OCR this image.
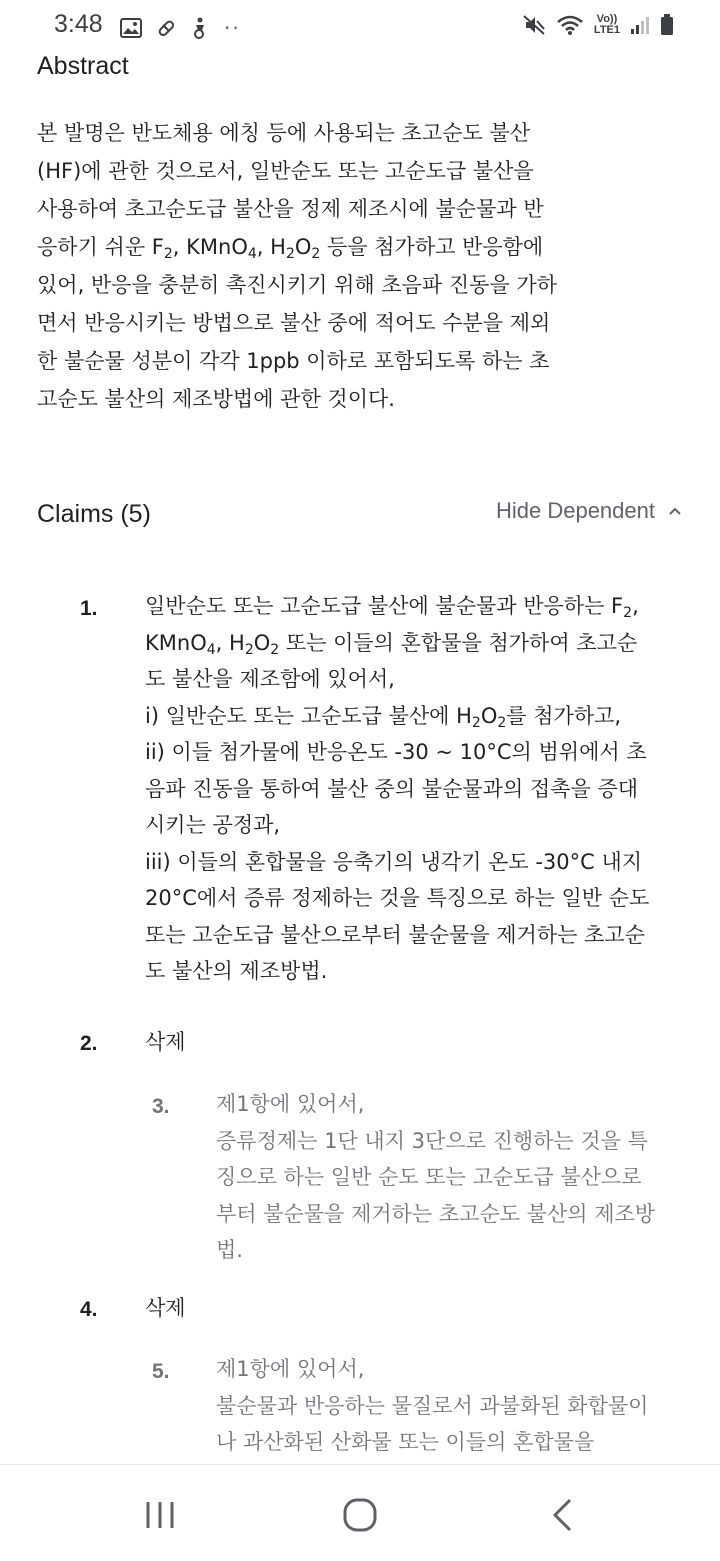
3:48	··	Vo))
LTE1
Abstract

본 발명은 반도체용 에칭 등에 사용되는 초고순도 불산(HF)에 관한 것으로서, 일반순도 또는 고순도급 불산을 사용하여 초고순도급 불산을 정제 제조시에 불순물과 반응하기 쉬운 $F_2$, KMnO$_4$, $H_2O_2$ 등을 첨가하고 반응함에 있어, 반응을 충분히 촉진시키기 위해 초음파 진동을 가하면서 반응시키는 방법으로 불산 중에 적어도 수분을 제외한 불순물 성분이 각각 1ppb 이하로 포함되도록 하는 초고순도 불산의 제조방법에 관한 것이다.

Claims (5)	Hide Dependent
1. 일반순도 또는 고순도급 불산에 불순물과 반응하는 $F_2$, KMnO$_4$, $H_2O_2$ 또는 이들의 혼합물을 첨가하여 초고순도 불산을 제조함에 있어서,

i) 일반순도 또는 고순도급 불산에 $H_2O_2$를 첨가하고,

ii) 이들 첨가물에 반응온도 -30 ~ 10°C의 범위에서 초음파 진동을 통하여 불산 중의 불순물과의 접촉을 증대시키는 공정과,

iii) 이들의 혼합물을 응축기의 냉각기 온도 -30°C 내지 20°C에서 증류 정제하는 것을 특징으로 하는 일반 순도 또는 고순도급 불산으로부터 불순물을 제거하는 초고순도 불산의 제조방법.

2. 삭제
3. 제1항에 있어서,

증류정제는 1단 내지 3단으로 진행하는 것을 특징으로 하는 일반 순도 또는 고순도급 불산으로부터 불순물을 제거하는 초고순도 불산의 제조방법.

4. 삭제
5. 제1항에 있어서,

불순물과 반응하는 물질로서 과불화된 화합물이나 과산화된 산화물 또는 이들의 혼합물을
